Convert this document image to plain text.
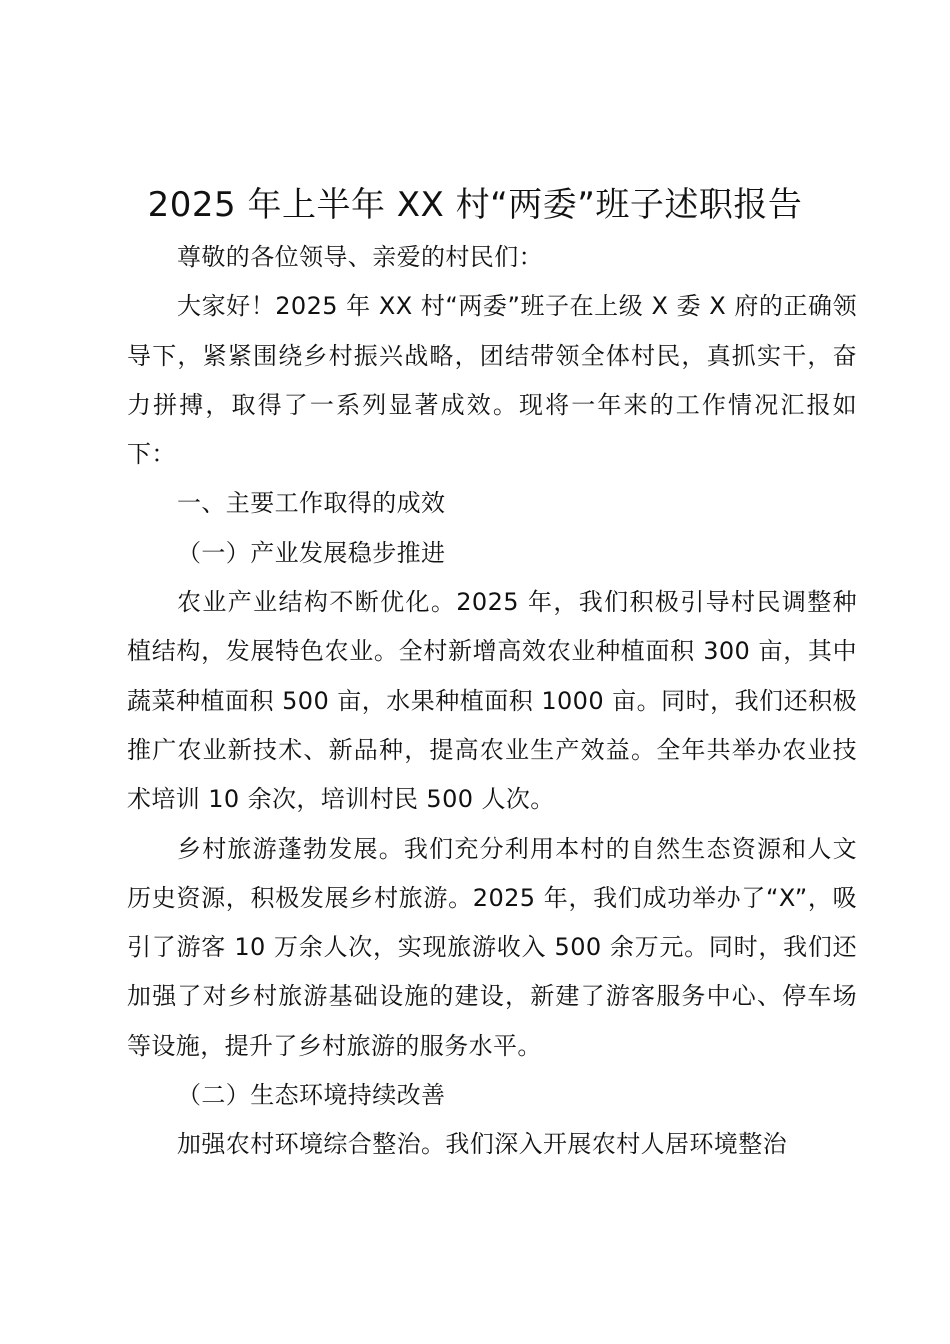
2025 年上半年 XX 村“两委”班子述职报告

尊敬的各位领导、亲爱的村民们：

大家好！2025 年 XX 村“两委”班子在上级 X 委 X 府的正确领导下，紧紧围绕乡村振兴战略，团结带领全体村民，真抓实干，奋力拼搏，取得了一系列显著成效。现将一年来的工作情况汇报如下：

一、主要工作取得的成效

（一）产业发展稳步推进

农业产业结构不断优化。2025 年，我们积极引导村民调整种植结构，发展特色农业。全村新增高效农业种植面积 300 亩，其中蔬菜种植面积 500 亩，水果种植面积 1000 亩。同时，我们还积极推广农业新技术、新品种，提高农业生产效益。全年共举办农业技术培训 10 余次，培训村民 500 人次。

乡村旅游蓬勃发展。我们充分利用本村的自然生态资源和人文历史资源，积极发展乡村旅游。2025 年，我们成功举办了“X”，吸引了游客 10 万余人次，实现旅游收入 500 余万元。同时，我们还加强了对乡村旅游基础设施的建设，新建了游客服务中心、停车场等设施，提升了乡村旅游的服务水平。

（二）生态环境持续改善

加强农村环境综合整治。我们深入开展农村人居环境整治
